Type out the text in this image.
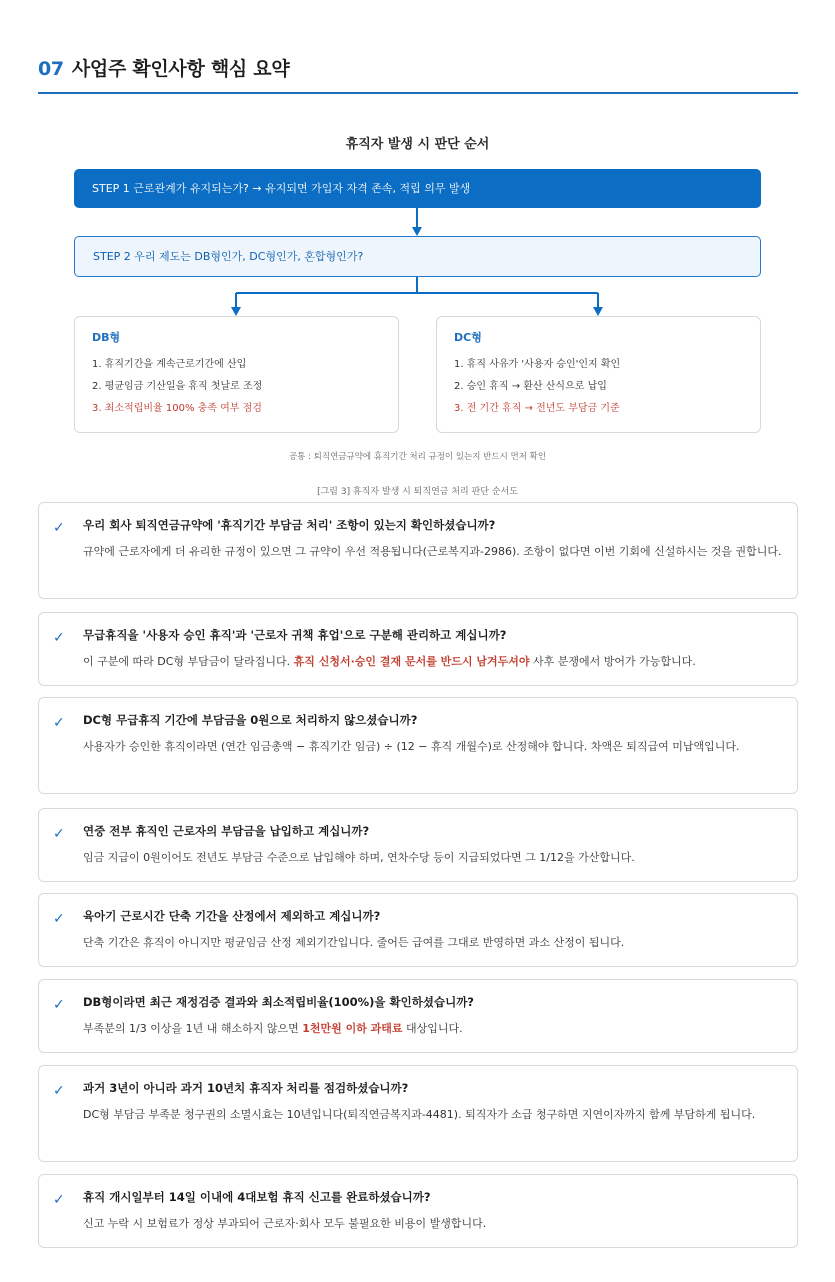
07 사업주 확인사항 핵심 요약
휴직자 발생 시 판단 순서
STEP 1 근로관계가 유지되는가? → 유지되면 가입자 자격 존속, 적립 의무 발생
STEP 2 우리 제도는 DB형인가, DC형인가, 혼합형인가?
DB형
1. 휴직기간을 계속근로기간에 산입
2. 평균임금 기산일을 휴직 첫날로 조정
3. 최소적립비율 100% 충족 여부 점검
DC형
1. 휴직 사유가 '사용자 승인'인지 확인
2. 승인 휴직 → 환산 산식으로 납입
3. 전 기간 휴직 → 전년도 부담금 기준
공통 : 퇴직연금규약에 휴직기간 처리 규정이 있는지 반드시 먼저 확인
[그림 3] 휴직자 발생 시 퇴직연금 처리 판단 순서도
✓ 우리 회사 퇴직연금규약에 '휴직기간 부담금 처리' 조항이 있는지 확인하셨습니까?
규약에 근로자에게 더 유리한 규정이 있으면 그 규약이 우선 적용됩니다(근로복지과-2986). 조항이 없다면 이번 기회에 신설하시는 것을 권합니다.
✓ 무급휴직을 '사용자 승인 휴직'과 '근로자 귀책 휴업'으로 구분해 관리하고 계십니까?
이 구분에 따라 DC형 부담금이 달라집니다. 휴직 신청서·승인 결재 문서를 반드시 남겨두셔야 사후 분쟁에서 방어가 가능합니다.
✓ DC형 무급휴직 기간에 부담금을 0원으로 처리하지 않으셨습니까?
사용자가 승인한 휴직이라면 (연간 임금총액 − 휴직기간 임금) ÷ (12 − 휴직 개월수)로 산정해야 합니다. 차액은 퇴직급여 미납액입니다.
✓ 연중 전부 휴직인 근로자의 부담금을 납입하고 계십니까?
임금 지급이 0원이어도 전년도 부담금 수준으로 납입해야 하며, 연차수당 등이 지급되었다면 그 1/12을 가산합니다.
✓ 육아기 근로시간 단축 기간을 산정에서 제외하고 계십니까?
단축 기간은 휴직이 아니지만 평균임금 산정 제외기간입니다. 줄어든 급여를 그대로 반영하면 과소 산정이 됩니다.
✓ DB형이라면 최근 재정검증 결과와 최소적립비율(100%)을 확인하셨습니까?
부족분의 1/3 이상을 1년 내 해소하지 않으면 1천만원 이하 과태료 대상입니다.
✓ 과거 3년이 아니라 과거 10년치 휴직자 처리를 점검하셨습니까?
DC형 부담금 부족분 청구권의 소멸시효는 10년입니다(퇴직연금복지과-4481). 퇴직자가 소급 청구하면 지연이자까지 함께 부담하게 됩니다.
✓ 휴직 개시일부터 14일 이내에 4대보험 휴직 신고를 완료하셨습니까?
신고 누락 시 보험료가 정상 부과되어 근로자·회사 모두 불필요한 비용이 발생합니다.
